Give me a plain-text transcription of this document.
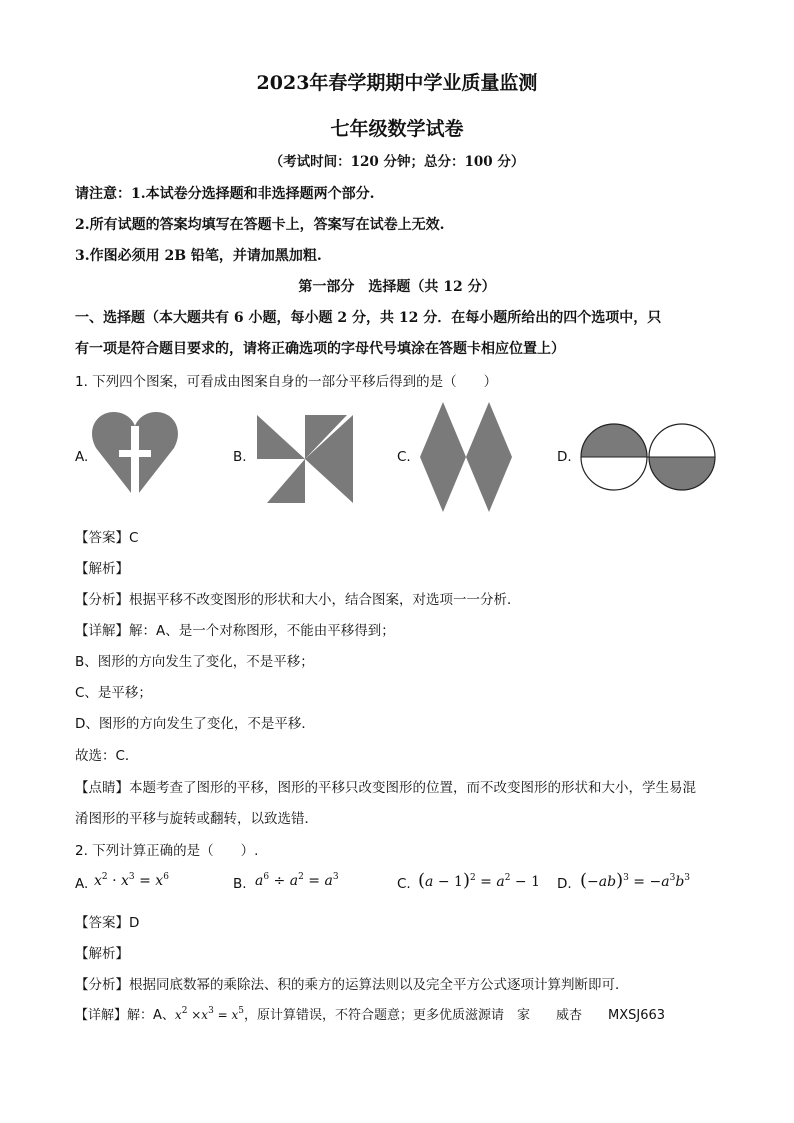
2023年春学期期中学业质量监测
七年级数学试卷
（考试时间：120 分钟；总分：100 分）
请注意：1.本试卷分选择题和非选择题两个部分.
2.所有试题的答案均填写在答题卡上，答案写在试卷上无效.
3.作图必须用 2B 铅笔，并请加黑加粗.
第一部分　选择题（共 12 分）
一、选择题（本大题共有 6 小题，每小题 2 分，共 12 分．在每小题所给出的四个选项中，只
有一项是符合题目要求的，请将正确选项的字母代号填涂在答题卡相应位置上）
1. 下列四个图案，可看成由图案自身的一部分平移后得到的是（　　）
A.	B.	C.	D.
【答案】C
【解析】
【分析】根据平移不改变图形的形状和大小，结合图案，对选项一一分析．
【详解】解：A、是一个对称图形，不能由平移得到；
B、图形的方向发生了变化，不是平移；
C、是平移；
D、图形的方向发生了变化，不是平移．
故选：C．
【点睛】本题考查了图形的平移，图形的平移只改变图形的位置，而不改变图形的形状和大小，学生易混
淆图形的平移与旋转或翻转，以致选错．
2. 下列计算正确的是（　　）.
A. $x^2 \cdot x^3 = x^6$	B. $a^6 \div a^2 = a^3$	C. $(a - 1)^2 = a^2 - 1$ D. $(-ab)^3 = -a^3b^3$
【答案】D
【解析】
【分析】根据同底数幂的乘除法、积的乘方的运算法则以及完全平方公式逐项计算判断即可．
【详解】解：A、$x^2 \times x^3 = x^5$，原计算错误，不符合题意；更多优质滋源请　家　　威杏　　MXSJ663
